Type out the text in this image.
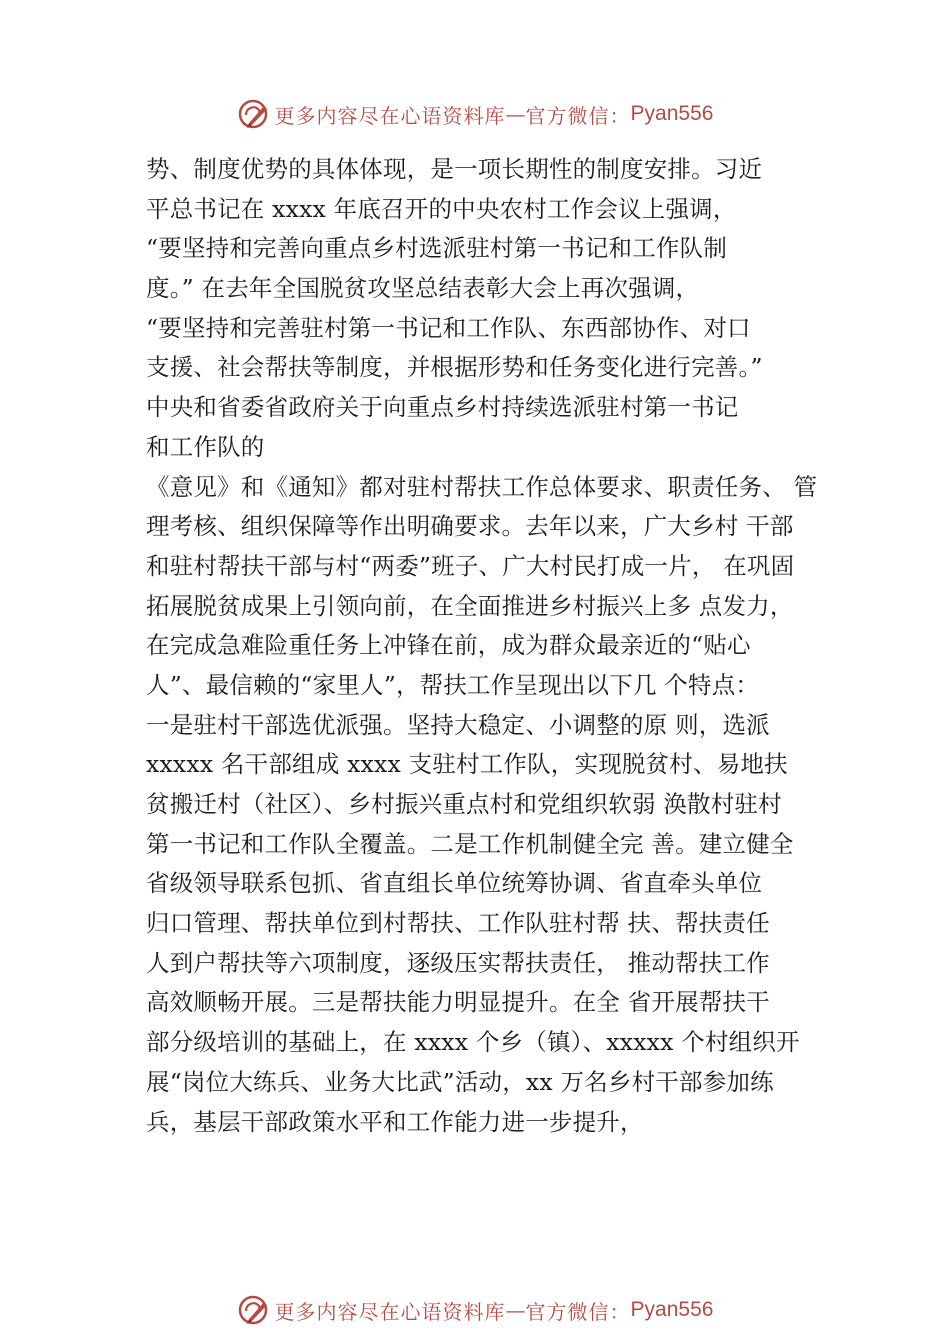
更多内容尽在心语资料库 — 官方微信： Pyan556
势、制度优势的具体体现，是一项长期性的制度安排。习近
平总书记在 xxxx 年底召开的中央农村工作会议上强调，
“要坚持和完善向重点乡村选派驻村第一书记和工作队制
度。” 在去年全国脱贫攻坚总结表彰大会上再次强调，
“要坚持和完善驻村第一书记和工作队、东西部协作、对口
支援、社会帮扶等制度，并根据形势和任务变化进行完善。”
中央和省委省政府关于向重点乡村持续选派驻村第一书记
和工作队的
《意见》和《通知》都对驻村帮扶工作总体要求、职责任务、 管
理考核、组织保障等作出明确要求。去年以来，广大乡村 干部
和驻村帮扶干部与村“两委”班子、广大村民打成一片， 在巩固
拓展脱贫成果上引领向前，在全面推进乡村振兴上多 点发力，
在完成急难险重任务上冲锋在前，成为群众最亲近的“贴心
人”、最信赖的“家里人”，帮扶工作呈现出以下几 个特点：
一是驻村干部选优派强。坚持大稳定、小调整的原 则，选派
xxxxx 名干部组成 xxxx 支驻村工作队，实现脱贫村、易地扶
贫搬迁村（社区）、乡村振兴重点村和党组织软弱 涣散村驻村
第一书记和工作队全覆盖。二是工作机制健全完 善。建立健全
省级领导联系包抓、省直组长单位统筹协调、省直牵头单位
归口管理、帮扶单位到村帮扶、工作队驻村帮 扶、帮扶责任
人到户帮扶等六项制度，逐级压实帮扶责任， 推动帮扶工作
高效顺畅开展。三是帮扶能力明显提升。在全 省开展帮扶干
部分级培训的基础上，在 xxxx 个乡（镇）、xxxxx 个村组织开
展“岗位大练兵、业务大比武”活动，xx 万名乡村干部参加练
兵，基层干部政策水平和工作能力进一步提升，
更多内容尽在心语资料库 — 官方微信： Pyan556
